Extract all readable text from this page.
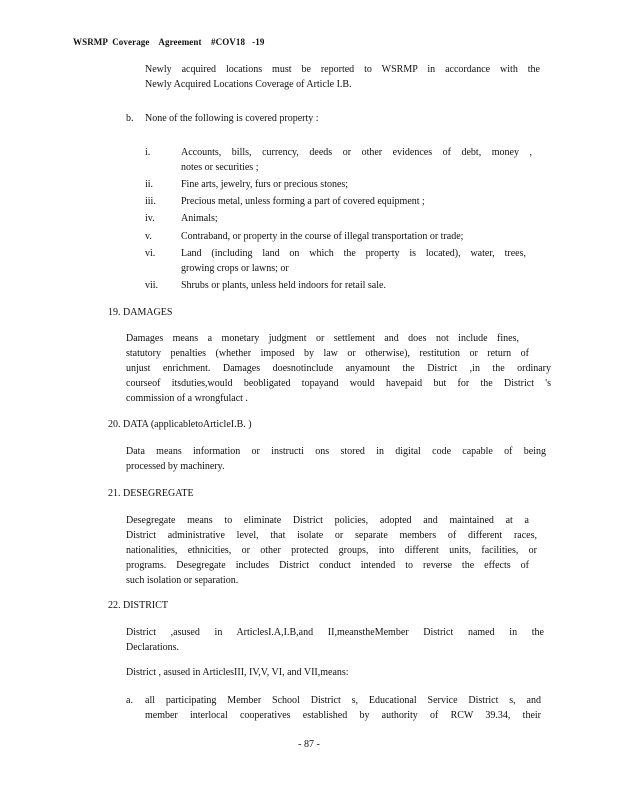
WSRMP  Coverage    Agreement    #COV18   -19
Newly acquired locations must be reported to WSRMP in accordance with the
Newly Acquired Locations Coverage of Article I.B.
b. None of the following is covered property :
i.	Accounts, bills, currency, deeds or other evidences of debt, money ,
notes or securities ;
ii.	Fine arts, jewelry, furs or precious stones;
iii.	Precious metal, unless forming a part of covered equipment ;
iv.	Animals;
v.	Contraband, or property in the course of illegal transportation or trade;
vi.	Land (including land on which the property is located), water, trees,
growing crops or lawns; or
vii. Shrubs or plants, unless held indoors for retail sale.
19. DAMAGES
Damages means a monetary judgment or settlement and does not include fines,
statutory penalties (whether imposed by law or otherwise), restitution or return of
unjust enrichment. Damages doesnotinclude anyamount the District ,in the ordinary
courseof itsduties,would beobligated topayand would havepaid but for the District 's
commission of a wrongfulact .
20. DATA (applicabletoArticleI.B. )
Data means information or instructi ons stored in digital code capable of being
processed by machinery.
21. DESEGREGATE
Desegregate means to eliminate District policies, adopted and maintained at a
District administrative level, that isolate or separate members of different races,
nationalities, ethnicities, or other protected groups, into different units, facilities, or
programs. Desegregate includes District conduct intended to reverse the effects of
such isolation or separation.
22. DISTRICT
District ,asused in ArticlesI.A,I.B,and II,meanstheMember District named in the
Declarations.
District , asused in ArticlesIII, IV,V, VI, and VII,means:
a. all participating Member School District s, Educational Service District s, and
member interlocal cooperatives established by authority of RCW 39.34, their
- 87 -
